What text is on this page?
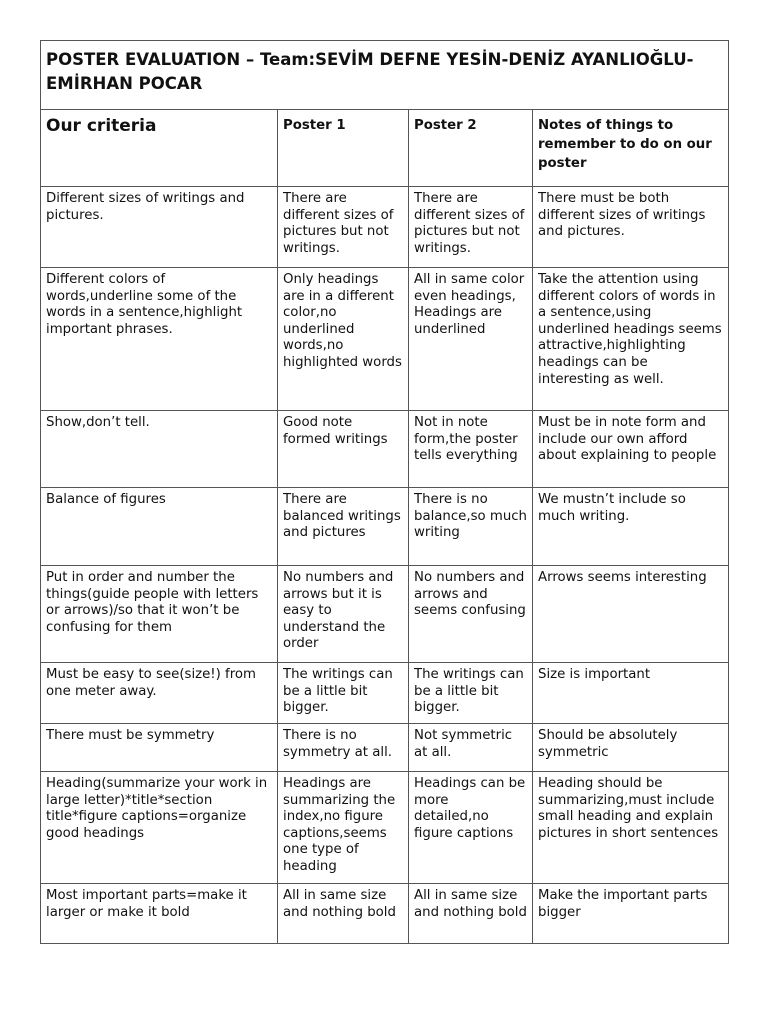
POSTER EVALUATION – Team:SEVİM DEFNE YESİN-DENİZ AYANLIOĞLU-EMİRHAN POCAR			
Our criteria	Poster 1	Poster 2	Notes of things to remember to do on our poster
Different sizes of writings and pictures.	There are different sizes of pictures but not writings.	There are different sizes of pictures but not writings.	There must be both different sizes of writings and pictures.
Different colors of words,underline some of the words in a sentence,highlight important phrases.	Only headings are in a different color,no underlined words,no highlighted words	All in same color even headings, Headings are underlined	Take the attention using different colors of words in a sentence,using underlined headings seems attractive,highlighting headings can be interesting as well.
Show,don’t tell.	Good note formed writings	Not in note form,the poster tells everything	Must be in note form and include our own afford about explaining to people
Balance of figures	There are balanced writings and pictures	There is no balance,so much writing	We mustn’t include so much writing.
Put in order and number the things(guide people with letters or arrows)/so that it won’t be confusing for them	No numbers and arrows but it is easy to understand the order	No numbers and arrows and seems confusing	Arrows seems interesting
Must be easy to see(size!) from one meter away.	The writings can be a little bit bigger.	The writings can be a little bit bigger.	Size is important
There must be symmetry	There is no symmetry at all.	Not symmetric at all.	Should be absolutely symmetric
Heading(summarize your work in large letter)*title*section title*figure captions=organize good headings	Headings are summarizing the index,no figure captions,seems one type of heading	Headings can be more detailed,no figure captions	Heading should be summarizing,must include small heading and explain pictures in short sentences
Most important parts=make it larger or make it bold	All in same size and nothing bold	All in same size and nothing bold	Make the important parts bigger
